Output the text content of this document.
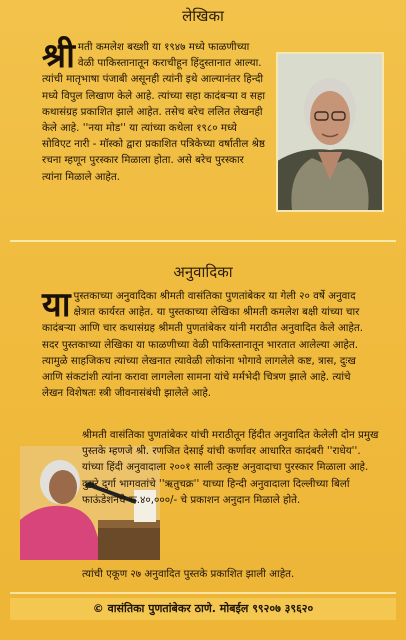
लेखिका

श्री मती कमलेश बख्शी या १९४७ मध्ये फाळणीच्या वेळी पाकिस्तानातून कराचीहून हिंदुस्तानात आल्या. त्यांची मातृभाषा पंजाबी असूनही त्यांनी इथे आल्यानंतर हिन्दी मध्ये विपुल लिखाण केले आहे. त्यांच्या सहा कादंबऱ्या व सहा कथासंग्रह प्रकाशित झाले आहेत. तसेच बरेच ललित लेखनही केले आहे. ''नया मोड'' या त्यांच्या कथेला १९८० मध्ये सोविएट नारी - मॉस्को द्वारा प्रकाशित पत्रिकेच्या वर्षातील श्रेष्ठ रचना म्हणून पुरस्कार मिळाला होता. असे बरेच पुरस्कार त्यांना मिळाले आहेत.

अनुवादिका

यापुस्तकाच्या अनुवादिका श्रीमती वासंतिका पुणतांबेकर या गेली २० वर्षे अनुवाद क्षेत्रात कार्यरत आहेत. या पुस्तकाच्या लेखिका श्रीमती कमलेश बक्षी यांच्या चार कादंबऱ्या आणि चार कथासंग्रह श्रीमती पुणतांबेकर यांनी मराठीत अनुवादित केले आहेत. सदर पुस्तकाच्या लेखिका या फाळणीच्या वेळी पाकिस्तानातून भारतात आलेल्या आहेत. त्यामुळे साहजिकच त्यांच्या लेखनात त्यावेळी लोकांना भोगावे लागलेले कष्ट, त्रास, दुःख आणि संकटांशी त्यांना करावा लागलेला सामना यांचे मर्मभेदी चित्रण झाले आहे. त्यांचे लेखन विशेषतः स्त्री जीवनासंबंधी झालेले आहे.

श्रीमती वासंतिका पुणतांबेकर यांची मराठीतून हिंदीत अनुवादित केलेली दोन प्रमुख पुस्तके म्हणजे श्री. रणजित देसाई यांची कर्णावर आधारित कादंबरी ''राधेय''. यांच्या हिंदी अनुवादाला २००१ साली उत्कृष्ट अनुवादाचा पुरस्कार मिळाला आहे. दुसरे दुर्गा भागवतांचे ''ऋतुचक्र'' याच्या हिन्दी अनुवादाला दिल्लीच्या बिर्ला फाऊंडेशनचे रू.४०,०००/- चे प्रकाशन अनुदान मिळाले होते.

त्यांची एकूण २७ अनुवादित पुस्तके प्रकाशित झाली आहेत.

© वासंतिका पुणतांबेकर ठाणे. मोबईल ९९२०७ ३९६२०
